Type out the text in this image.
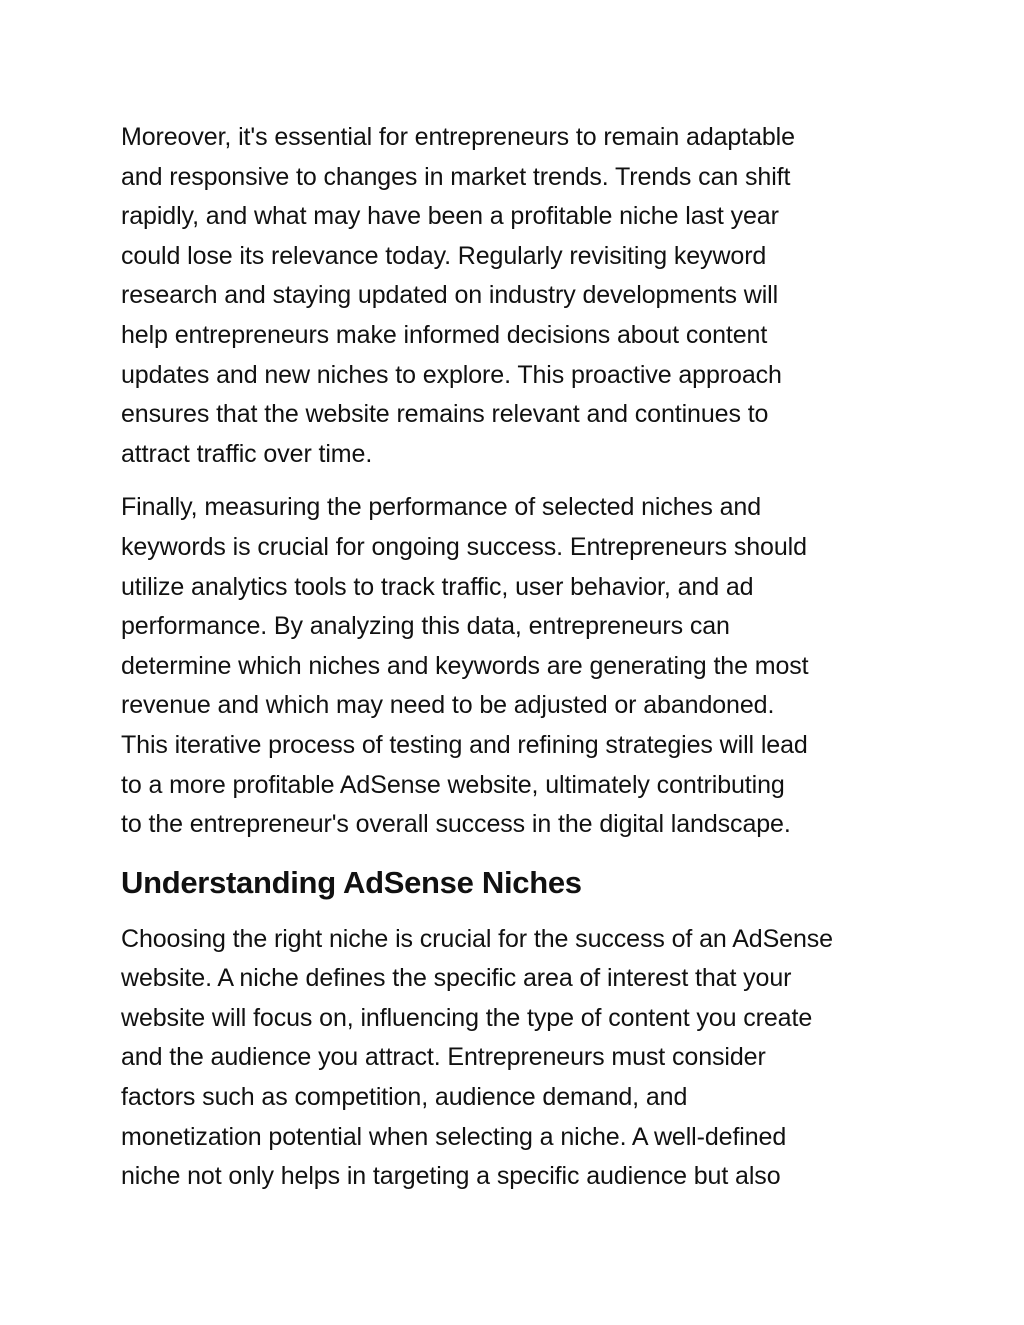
Moreover, it's essential for entrepreneurs to remain adaptable
and responsive to changes in market trends. Trends can shift
rapidly, and what may have been a profitable niche last year
could lose its relevance today. Regularly revisiting keyword
research and staying updated on industry developments will
help entrepreneurs make informed decisions about content
updates and new niches to explore. This proactive approach
ensures that the website remains relevant and continues to
attract traffic over time.
Finally, measuring the performance of selected niches and
keywords is crucial for ongoing success. Entrepreneurs should
utilize analytics tools to track traffic, user behavior, and ad
performance. By analyzing this data, entrepreneurs can
determine which niches and keywords are generating the most
revenue and which may need to be adjusted or abandoned.
This iterative process of testing and refining strategies will lead
to a more profitable AdSense website, ultimately contributing
to the entrepreneur's overall success in the digital landscape.
Understanding AdSense Niches
Choosing the right niche is crucial for the success of an AdSense
website. A niche defines the specific area of interest that your
website will focus on, influencing the type of content you create
and the audience you attract. Entrepreneurs must consider
factors such as competition, audience demand, and
monetization potential when selecting a niche. A well-defined
niche not only helps in targeting a specific audience but also
